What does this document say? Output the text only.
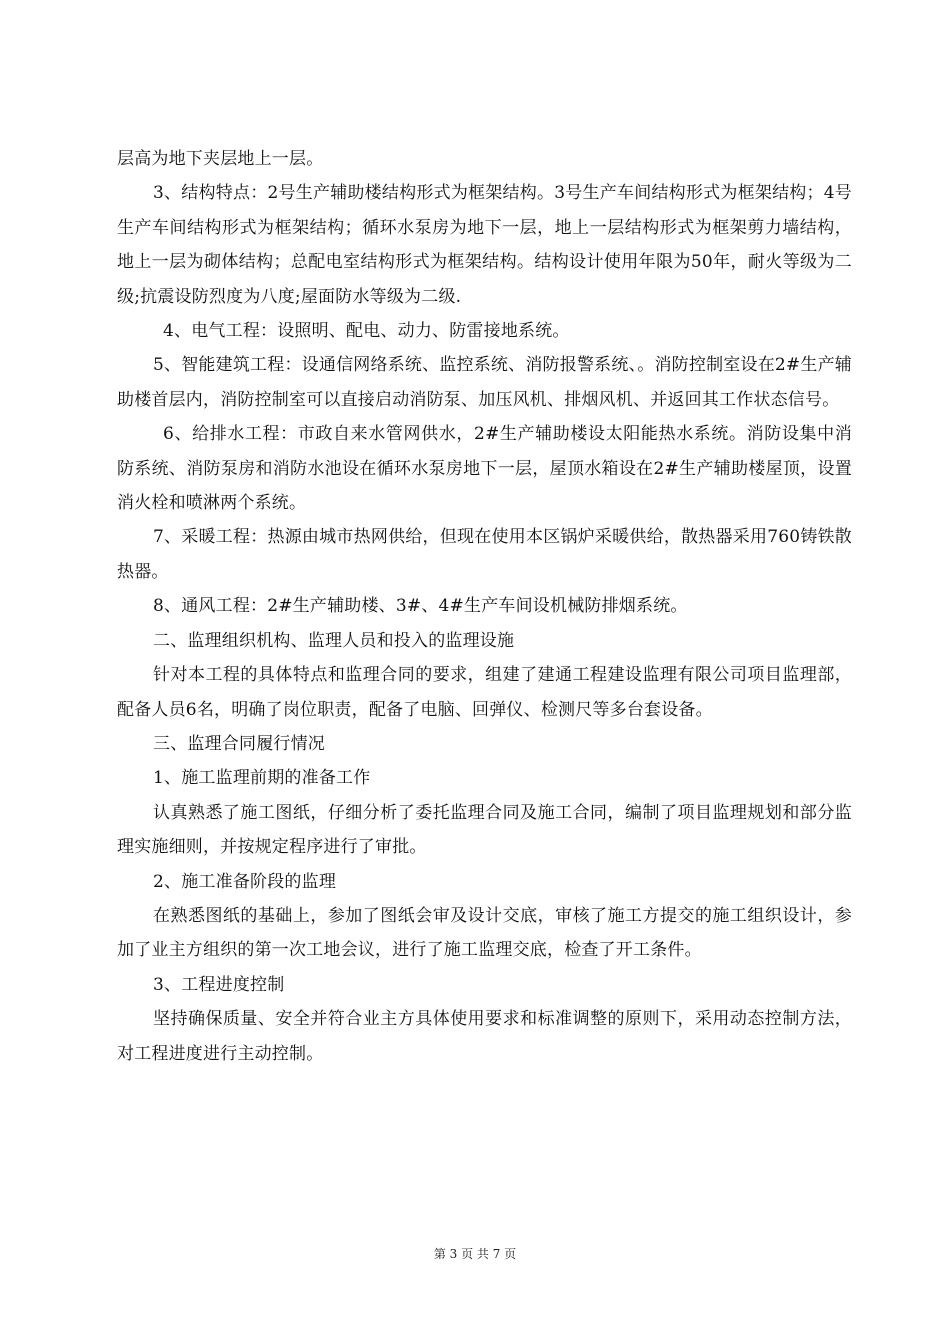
层高为地下夹层地上一层。

3、结构特点：2号生产辅助楼结构形式为框架结构。3号生产车间结构形式为框架结构；4号生产车间结构形式为框架结构；循环水泵房为地下一层，地上一层结构形式为框架剪力墙结构，地上一层为砌体结构；总配电室结构形式为框架结构。结构设计使用年限为50年，耐火等级为二级;抗震设防烈度为八度;屋面防水等级为二级.

4、电气工程：设照明、配电、动力、防雷接地系统。

5、智能建筑工程：设通信网络系统、监控系统、消防报警系统、。消防控制室设在2#生产辅助楼首层内，消防控制室可以直接启动消防泵、加压风机、排烟风机、并返回其工作状态信号。

6、给排水工程：市政自来水管网供水，2#生产辅助楼设太阳能热水系统。消防设集中消防系统、消防泵房和消防水池设在循环水泵房地下一层，屋顶水箱设在2#生产辅助楼屋顶，设置消火栓和喷淋两个系统。

7、采暖工程：热源由城市热网供给，但现在使用本区锅炉采暖供给，散热器采用760铸铁散热器。

8、通风工程：2#生产辅助楼、3#、4#生产车间设机械防排烟系统。

二、监理组织机构、监理人员和投入的监理设施

针对本工程的具体特点和监理合同的要求，组建了建通工程建设监理有限公司项目监理部，配备人员6名，明确了岗位职责，配备了电脑、回弹仪、检测尺等多台套设备。

三、监理合同履行情况

1、施工监理前期的准备工作

认真熟悉了施工图纸，仔细分析了委托监理合同及施工合同，编制了项目监理规划和部分监理实施细则，并按规定程序进行了审批。

2、施工准备阶段的监理

在熟悉图纸的基础上，参加了图纸会审及设计交底，审核了施工方提交的施工组织设计，参加了业主方组织的第一次工地会议，进行了施工监理交底，检查了开工条件。

3、工程进度控制

坚持确保质量、安全并符合业主方具体使用要求和标准调整的原则下，采用动态控制方法，对工程进度进行主动控制。

第 3 页 共 7 页
